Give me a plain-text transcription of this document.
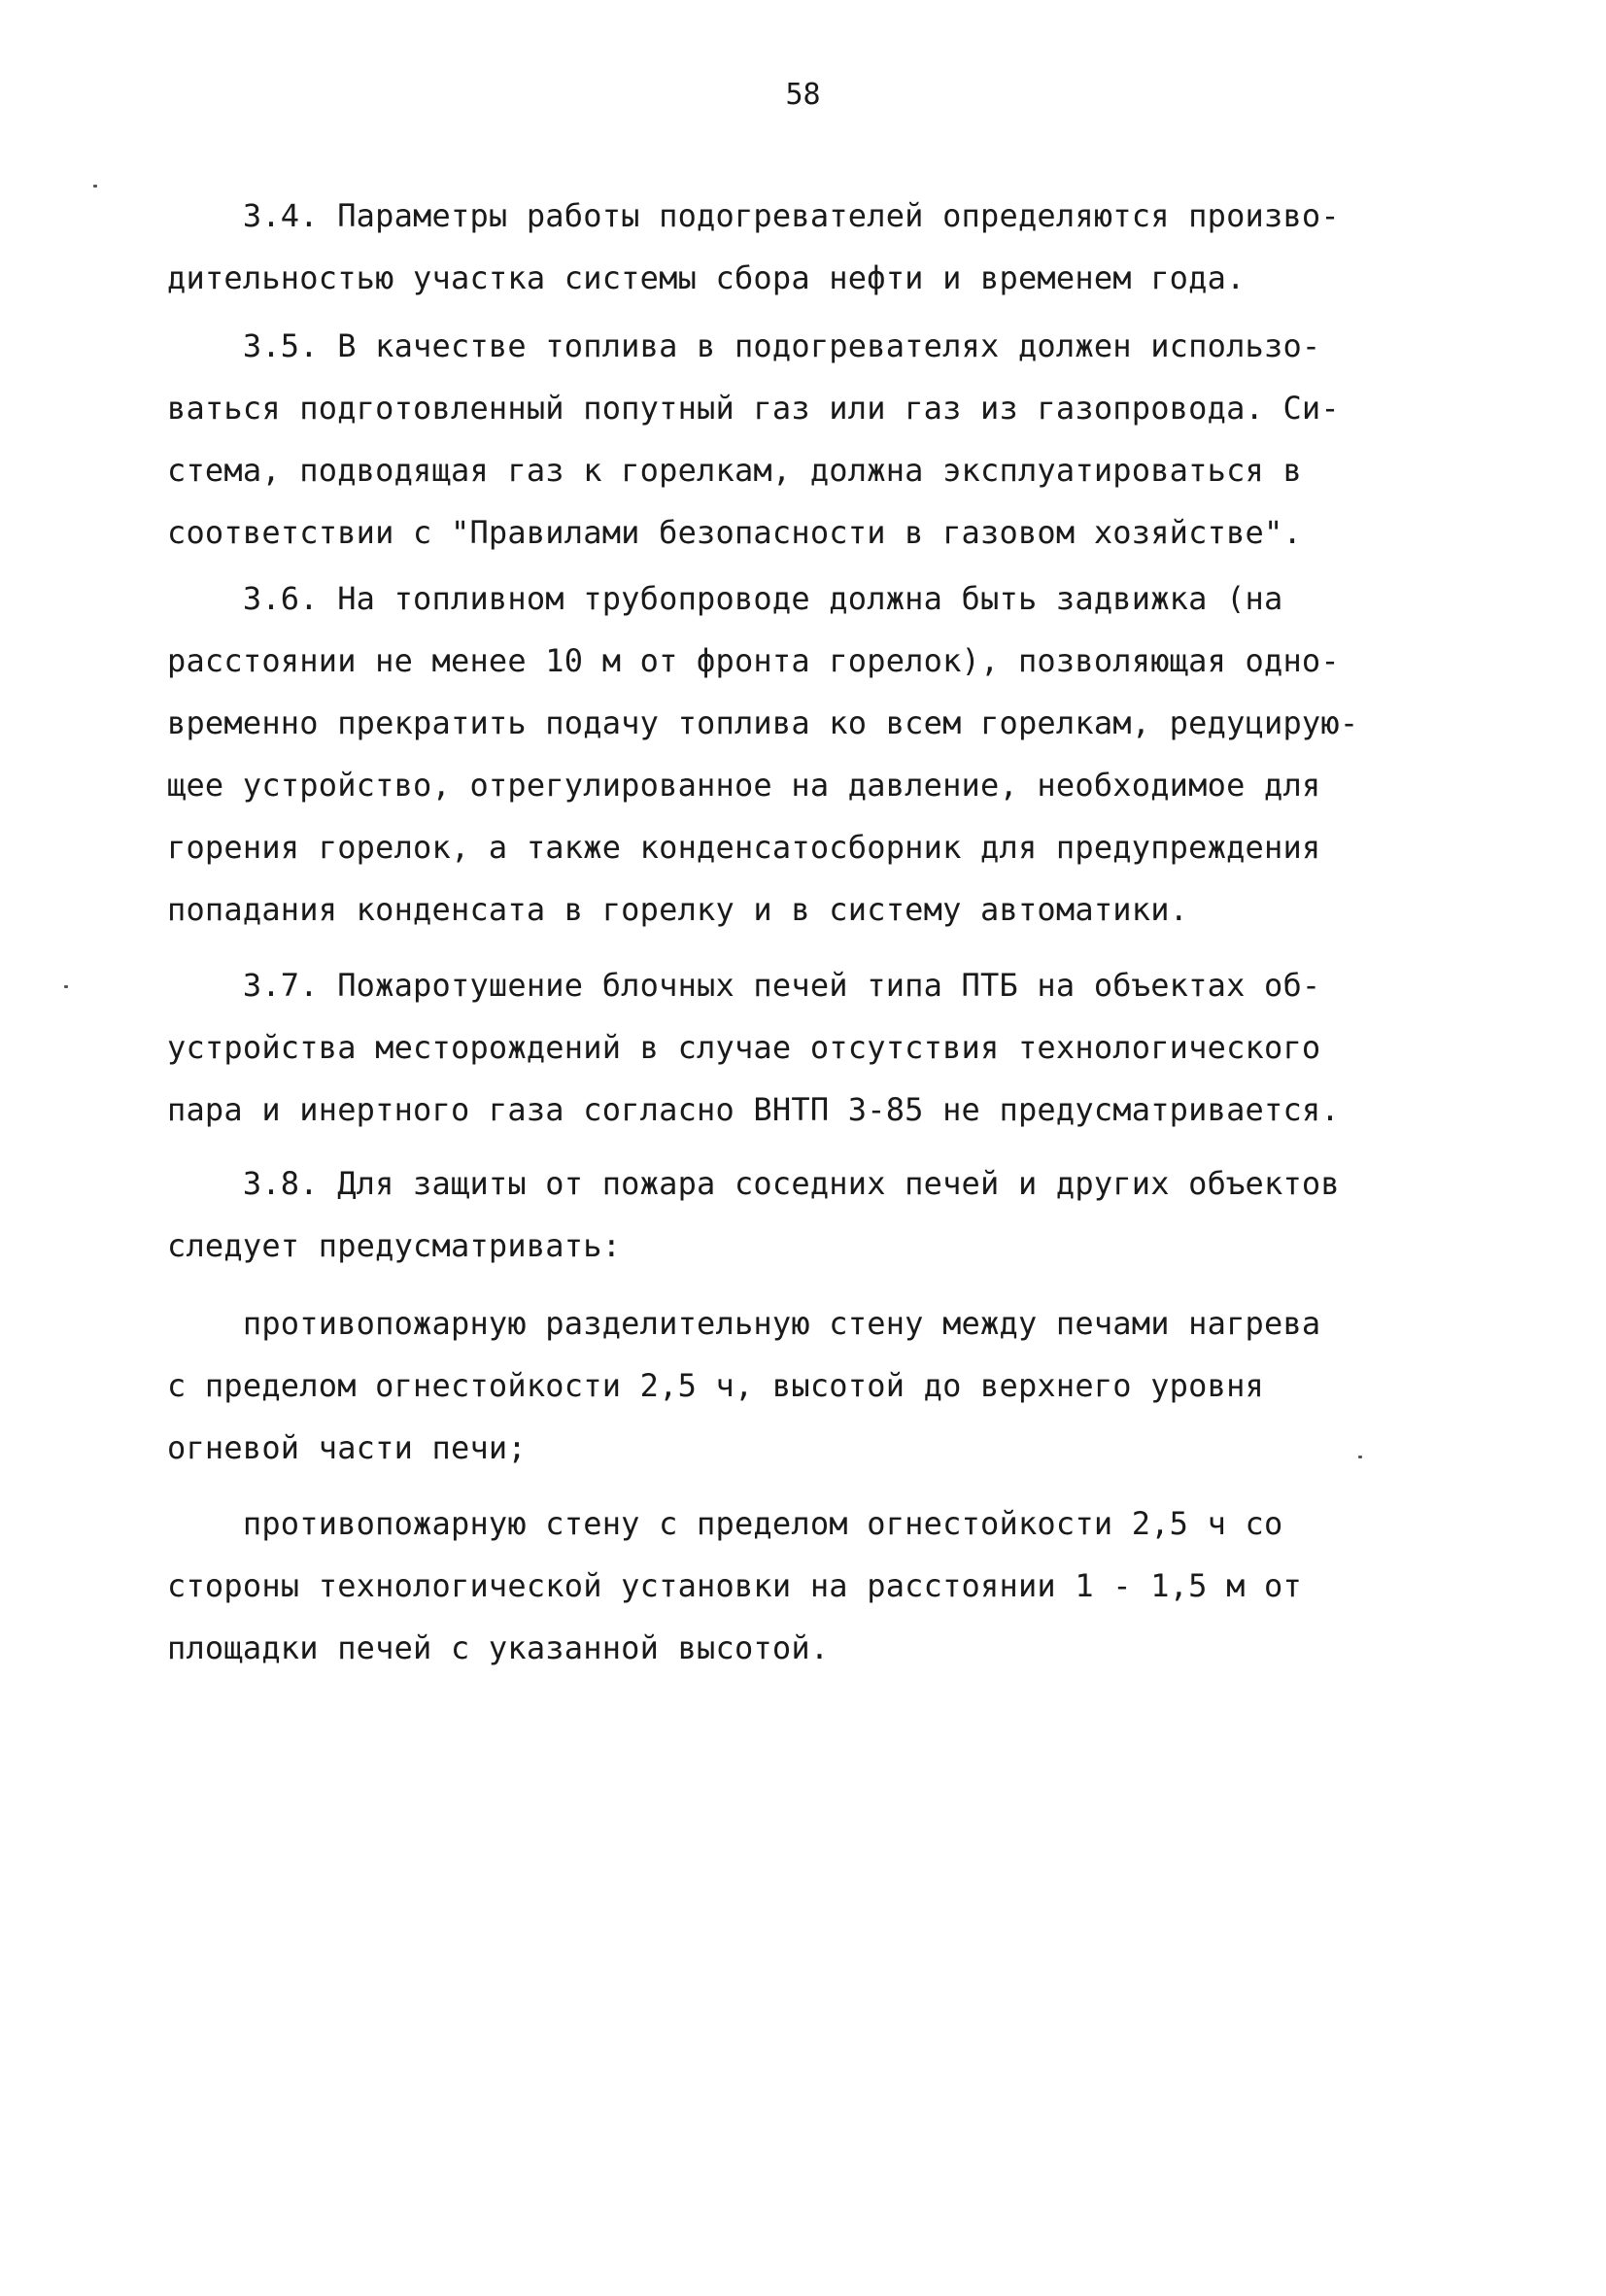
58
3.4. Параметры работы подогревателей определяются произво-
дительностью участка системы сбора нефти и временем года.
3.5. В качестве топлива в подогревателях должен использо-
ваться подготовленный попутный газ или газ из газопровода. Си-
стема, подводящая газ к горелкам, должна эксплуатироваться в
соответствии с "Правилами безопасности в газовом хозяйстве".
3.6. На топливном трубопроводе должна быть задвижка (на
расстоянии не менее 10 м от фронта горелок), позволяющая одно-
временно прекратить подачу топлива ко всем горелкам, редуцирую-
щее устройство, отрегулированное на давление, необходимое для
горения горелок, а также конденсатосборник для предупреждения
попадания конденсата в горелку и в систему автоматики.
3.7. Пожаротушение блочных печей типа ПТБ на объектах об-
устройства месторождений в случае отсутствия технологического
пара и инертного газа согласно ВНТП 3-85 не предусматривается.
3.8. Для защиты от пожара соседних печей и других объектов
следует предусматривать:
противопожарную разделительную стену между печами нагрева
с пределом огнестойкости 2,5 ч, высотой до верхнего уровня
огневой части печи;
противопожарную стену с пределом огнестойкости 2,5 ч со
стороны технологической установки на расстоянии 1 - 1,5 м от
площадки печей с указанной высотой.
